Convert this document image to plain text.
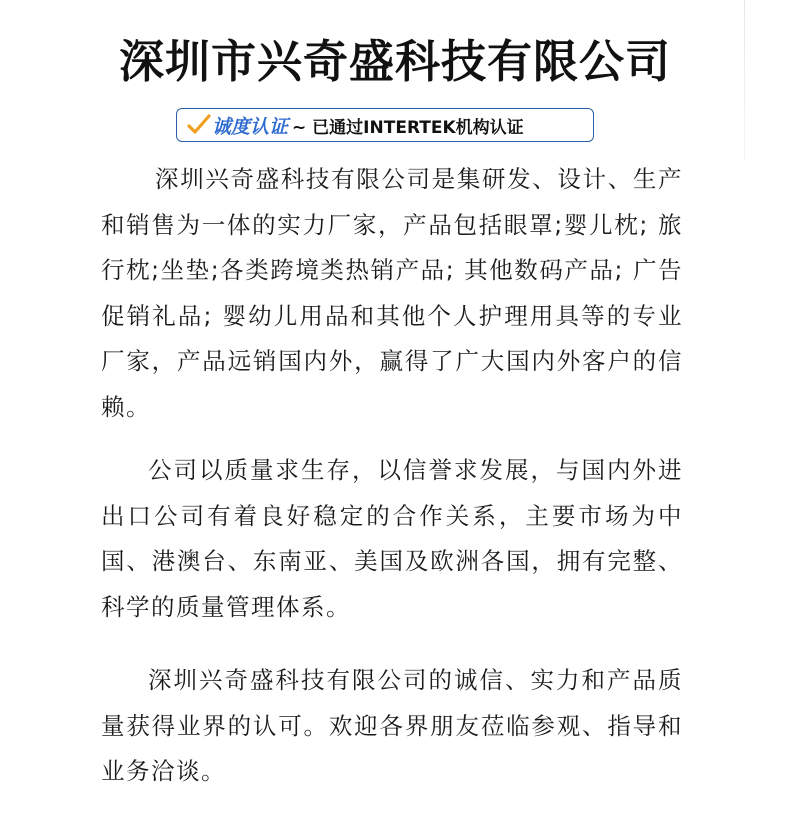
深圳市兴奇盛科技有限公司
诚度认证 ~ 已通过INTERTEK机构认证

深圳兴奇盛科技有限公司是集研发、设计、生产和销售为一体的实力厂家，产品包括眼罩;婴儿枕; 旅行枕;坐垫;各类跨境类热销产品; 其他数码产品; 广告促销礼品; 婴幼儿用品和其他个人护理用具等的专业厂家，产品远销国内外，赢得了广大国内外客户的信赖。

公司以质量求生存，以信誉求发展，与国内外进出口公司有着良好稳定的合作关系，主要市场为中国、港澳台、东南亚、美国及欧洲各国，拥有完整、科学的质量管理体系。

深圳兴奇盛科技有限公司的诚信、实力和产品质量获得业界的认可。欢迎各界朋友莅临参观、指导和业务洽谈。
